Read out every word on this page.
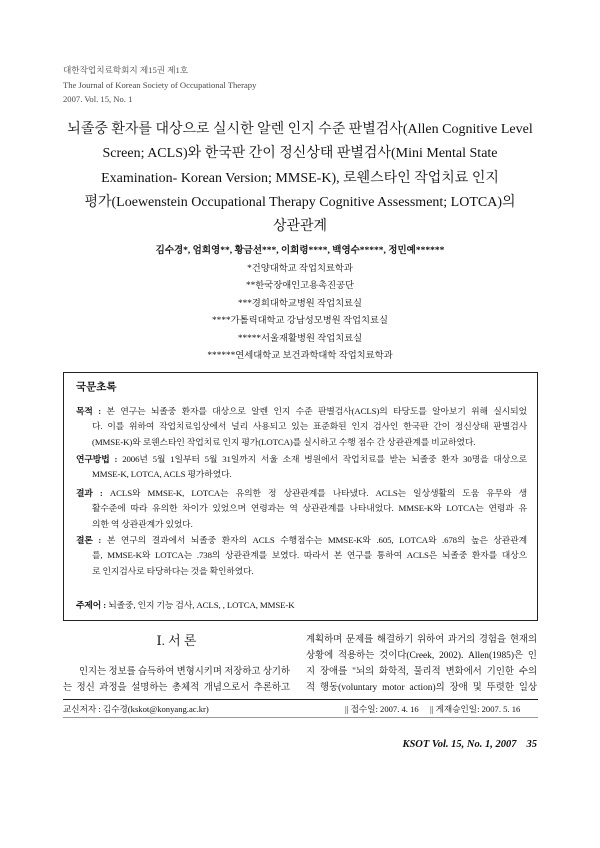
대한작업치료학회지 제15권 제1호
The Journal of Korean Society of Occupational Therapy
2007. Vol. 15, No. 1
뇌졸중 환자를 대상으로 실시한 알렌 인지 수준 판별검사(Allen Cognitive Level
Screen; ACLS)와 한국판 간이 정신상태 판별검사(Mini Mental State
Examination- Korean Version; MMSE-K), 로웬스타인 작업치료 인지
평가(Loewenstein Occupational Therapy Cognitive Assessment; LOTCA)의
상관관계
김수경*, 엄희영**, 황금선***, 이희령****, 백영수*****, 정민예******
*건양대학교 작업치료학과
**한국장애인고용촉진공단
***경희대학교병원 작업치료실
****가톨릭대학교 강남성모병원 작업치료실
*****서울재활병원 작업치료실
******연세대학교 보건과학대학 작업치료학과
국문초록
목적 : 본 연구는 뇌졸중 환자를 대상으로 알렌 인지 수준 판별검사(ACLS)의 타당도를 알아보기 위해 실시되었
다. 이를 위하여 작업치료임상에서 널리 사용되고 있는 표준화된 인지 검사인 한국판 간이 정신상태 판별검사
(MMSE-K)와 로웬스타인 작업치료 인지 평가(LOTCA)를 실시하고 수행 점수 간 상관관계를 비교하였다.
연구방법 : 2006년 5월 1일부터 5월 31일까지 서울 소재 병원에서 작업치료를 받는 뇌졸중 환자 30명을 대상으로
MMSE-K, LOTCA, ACLS 평가하였다.
결과 : ACLS와 MMSE-K, LOTCA는 유의한 정 상관관계를 나타냈다. ACLS는 일상생활의 도움 유무와 생
활수준에 따라 유의한 차이가 있었으며 연령과는 역 상관관계를 나타내었다. MMSE-K와 LOTCA는 연령과 유
의한 역 상관관계가 있었다.
결론 : 본 연구의 결과에서 뇌졸중 환자의 ACLS 수행점수는 MMSE-K와 .605, LOTCA와 .678의 높은 상관관계
를, MMSE-K와 LOTCA는 .738의 상관관계를 보였다. 따라서 본 연구를 통하여 ACLS은 뇌졸중 환자를 대상으
로 인지검사로 타당하다는 것을 확인하였다.
주제어 : 뇌졸중, 인지 기능 검사, ACLS, , LOTCA, MMSE-K
Ⅰ. 서 론
인지는 정보를 습득하여 변형시키며 저장하고 상기하
는 정신 과정을 설명하는 총체적 개념으로서 추론하고
계획하며 문제를 해결하기 위하여 과거의 경험을 현재의
상황에 적용하는 것이다(Creek, 2002). Allen(1985)은 인
지 장애를 "뇌의 화학적, 물리적 변화에서 기인한 수의
적 행동(voluntary motor action)의 장애 및 뚜렷한 일상
교신저자 : 김수경(kskot@konyang.ac.kr)	|| 접수일: 2007. 4. 16 || 게재승인일: 2007. 5. 16
KSOT Vol. 15, No. 1, 2007 35
